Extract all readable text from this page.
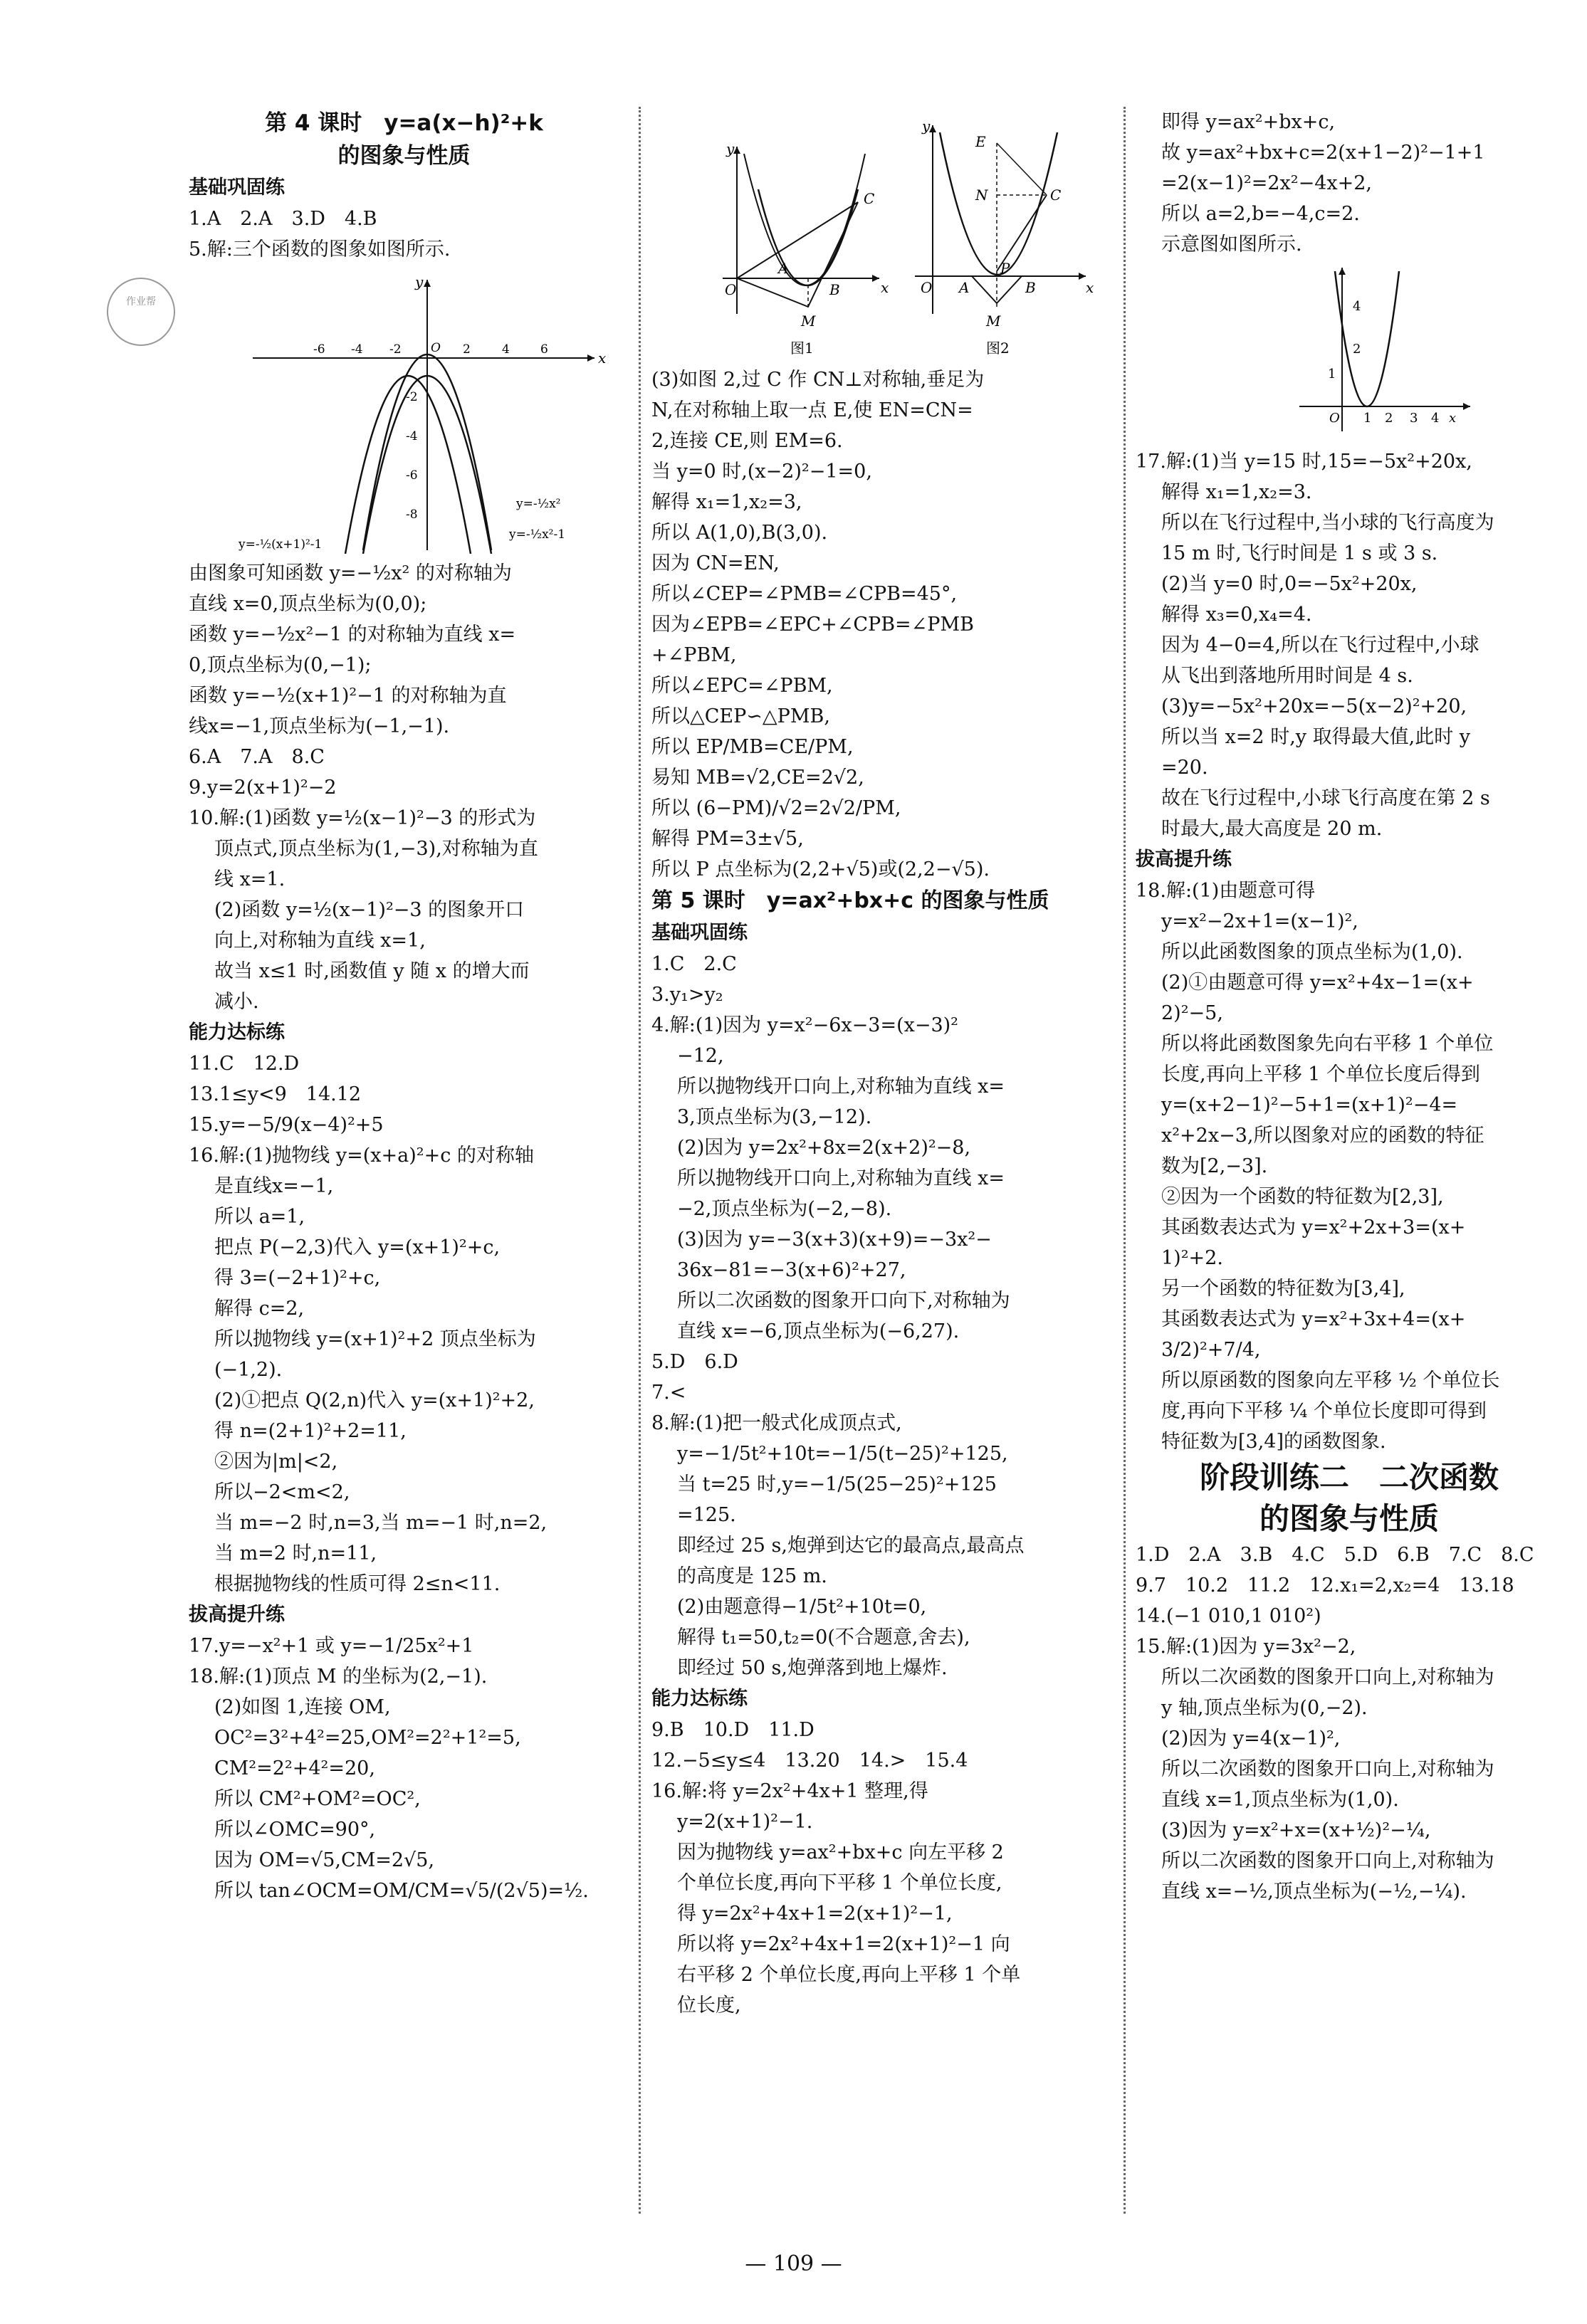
作业帮
第 4 课时　y=a(x−h)²+k
的图象与性质
基础巩固练
1.A　2.A　3.D　4.B
5.解:三个函数的图象如图所示.
x
y
-6 -4 -2 O 2	4	6
-2
-4
-6
-8
y=-½(x+1)²-1
y=-½x²
y=-½x²-1
由图象可知函数 y=−½x² 的对称轴为
直线 x=0,顶点坐标为(0,0);
函数 y=−½x²−1 的对称轴为直线 x=
0,顶点坐标为(0,−1);
函数 y=−½(x+1)²−1 的对称轴为直
线x=−1,顶点坐标为(−1,−1).
6.A　7.A　8.C
9.y=2(x+1)²−2
10.解:(1)函数 y=½(x−1)²−3 的形式为
顶点式,顶点坐标为(1,−3),对称轴为直
线 x=1.
(2)函数 y=½(x−1)²−3 的图象开口
向上,对称轴为直线 x=1,
故当 x≤1 时,函数值 y 随 x 的增大而
减小.
能力达标练
11.C　12.D
13.1≤y<9　14.12
15.y=−5/9(x−4)²+5
16.解:(1)抛物线 y=(x+a)²+c 的对称轴
是直线x=−1,
所以 a=1,
把点 P(−2,3)代入 y=(x+1)²+c,
得 3=(−2+1)²+c,
解得 c=2,
所以抛物线 y=(x+1)²+2 顶点坐标为
(−1,2).
(2)①把点 Q(2,n)代入 y=(x+1)²+2,
得 n=(2+1)²+2=11,
②因为|m|<2,
所以−2<m<2,
当 m=−2 时,n=3,当 m=−1 时,n=2,
当 m=2 时,n=11,
根据抛物线的性质可得 2≤n<11.
拔高提升练
17.y=−x²+1 或 y=−1/25x²+1
18.解:(1)顶点 M 的坐标为(2,−1).
(2)如图 1,连接 OM,
OC²=3²+4²=25,OM²=2²+1²=5,
CM²=2²+4²=20,
所以 CM²+OM²=OC²,
所以∠OMC=90°,
因为 OM=√5,CM=2√5,
所以 tan∠OCM=OM/CM=√5/(2√5)=½.
y
C
A
O
M
B	x
图1
E
y
N	C
O A
P
B
M
x
图2
(3)如图 2,过 C 作 CN⊥对称轴,垂足为
N,在对称轴上取一点 E,使 EN=CN=
2,连接 CE,则 EM=6.
当 y=0 时,(x−2)²−1=0,
解得 x₁=1,x₂=3,
所以 A(1,0),B(3,0).
因为 CN=EN,
所以∠CEP=∠PMB=∠CPB=45°,
因为∠EPB=∠EPC+∠CPB=∠PMB
+∠PBM,
所以∠EPC=∠PBM,
所以△CEP∽△PMB,
所以 EP/MB=CE/PM,
易知 MB=√2,CE=2√2,
所以 (6−PM)/√2=2√2/PM,
解得 PM=3±√5,
所以 P 点坐标为(2,2+√5)或(2,2−√5).
第 5 课时　y=ax²+bx+c 的图象与性质
基础巩固练
1.C　2.C
3.y₁>y₂
4.解:(1)因为 y=x²−6x−3=(x−3)²
−12,
所以抛物线开口向上,对称轴为直线 x=
3,顶点坐标为(3,−12).
(2)因为 y=2x²+8x=2(x+2)²−8,
所以抛物线开口向上,对称轴为直线 x=
−2,顶点坐标为(−2,−8).
(3)因为 y=−3(x+3)(x+9)=−3x²−
36x−81=−3(x+6)²+27,
所以二次函数的图象开口向下,对称轴为
直线 x=−6,顶点坐标为(−6,27).
5.D　6.D
7.<
8.解:(1)把一般式化成顶点式,
y=−1/5t²+10t=−1/5(t−25)²+125,
当 t=25 时,y=−1/5(25−25)²+125
=125.
即经过 25 s,炮弹到达它的最高点,最高点
的高度是 125 m.
(2)由题意得−1/5t²+10t=0,
解得 t₁=50,t₂=0(不合题意,舍去),
即经过 50 s,炮弹落到地上爆炸.
能力达标练
9.B　10.D　11.D
12.−5≤y≤4　13.20　14.>　15.4
16.解:将 y=2x²+4x+1 整理,得
y=2(x+1)²−1.
因为抛物线 y=ax²+bx+c 向左平移 2
个单位长度,再向下平移 1 个单位长度,
得 y=2x²+4x+1=2(x+1)²−1,
所以将 y=2x²+4x+1=2(x+1)²−1 向
右平移 2 个单位长度,再向上平移 1 个单
位长度,
即得 y=ax²+bx+c,
故 y=ax²+bx+c=2(x+1−2)²−1+1
=2(x−1)²=2x²−4x+2,
所以 a=2,b=−4,c=2.
示意图如图所示.
4
2
1
O 1 2 3 4 x
17.解:(1)当 y=15 时,15=−5x²+20x,
解得 x₁=1,x₂=3.
所以在飞行过程中,当小球的飞行高度为
15 m 时,飞行时间是 1 s 或 3 s.
(2)当 y=0 时,0=−5x²+20x,
解得 x₃=0,x₄=4.
因为 4−0=4,所以在飞行过程中,小球
从飞出到落地所用时间是 4 s.
(3)y=−5x²+20x=−5(x−2)²+20,
所以当 x=2 时,y 取得最大值,此时 y
=20.
故在飞行过程中,小球飞行高度在第 2 s
时最大,最大高度是 20 m.
拔高提升练
18.解:(1)由题意可得
y=x²−2x+1=(x−1)²,
所以此函数图象的顶点坐标为(1,0).
(2)①由题意可得 y=x²+4x−1=(x+
2)²−5,
所以将此函数图象先向右平移 1 个单位
长度,再向上平移 1 个单位长度后得到
y=(x+2−1)²−5+1=(x+1)²−4=
x²+2x−3,所以图象对应的函数的特征
数为[2,−3].
②因为一个函数的特征数为[2,3],
其函数表达式为 y=x²+2x+3=(x+
1)²+2.
另一个函数的特征数为[3,4],
其函数表达式为 y=x²+3x+4=(x+
3/2)²+7/4,
所以原函数的图象向左平移 ½ 个单位长
度,再向下平移 ¼ 个单位长度即可得到
特征数为[3,4]的函数图象.
阶段训练二　二次函数
的图象与性质
1.D　2.A　3.B　4.C　5.D　6.B　7.C　8.C
9.7　10.2　11.2　12.x₁=2,x₂=4　13.18
14.(−1 010,1 010²)
15.解:(1)因为 y=3x²−2,
所以二次函数的图象开口向上,对称轴为
y 轴,顶点坐标为(0,−2).
(2)因为 y=4(x−1)²,
所以二次函数的图象开口向上,对称轴为
直线 x=1,顶点坐标为(1,0).
(3)因为 y=x²+x=(x+½)²−¼,
所以二次函数的图象开口向上,对称轴为
直线 x=−½,顶点坐标为(−½,−¼).
— 109 —
